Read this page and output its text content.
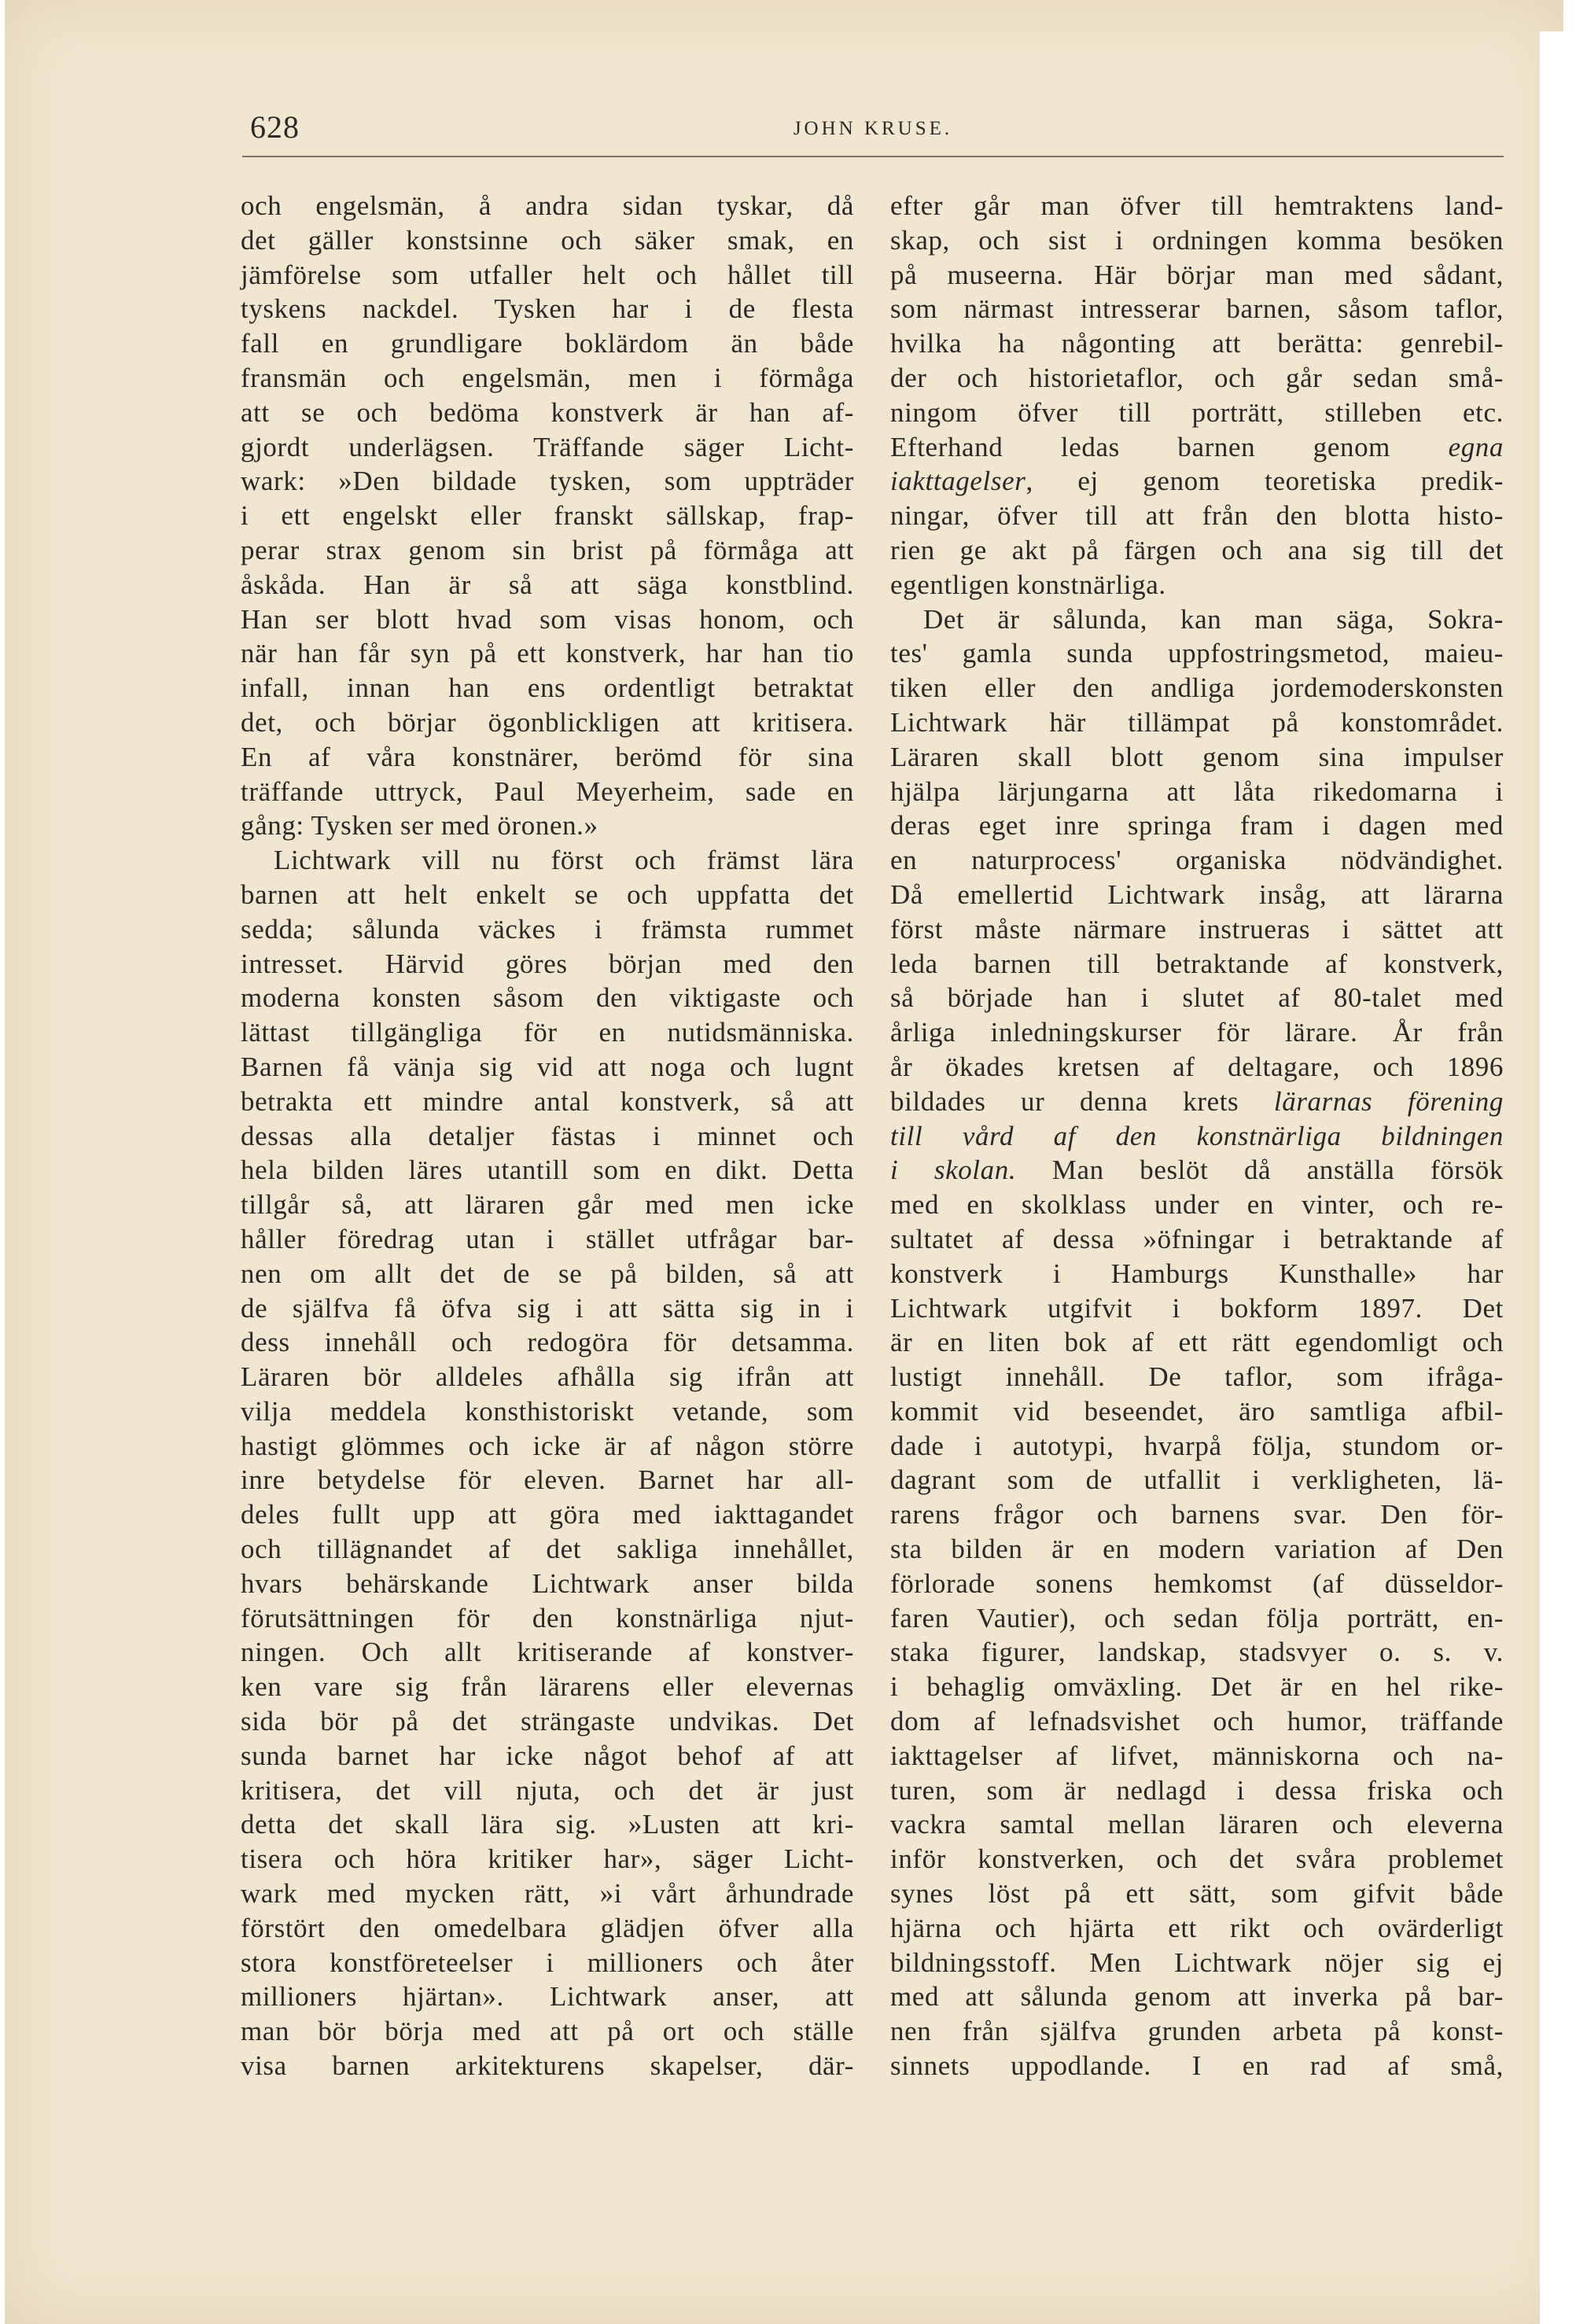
628	JOHN KRUSE.
och engelsmän, å andra sidan tyskar, då
det gäller konstsinne och säker smak, en
jämförelse som utfaller helt och hållet till
tyskens nackdel. Tysken har i de flesta
fall en grundligare boklärdom än både
fransmän och engelsmän, men i förmåga
att se och bedöma konstverk är han af-
gjordt underlägsen. Träffande säger Licht-
wark: »Den bildade tysken, som uppträder
i ett engelskt eller franskt sällskap, frap-
perar strax genom sin brist på förmåga att
åskåda. Han är så att säga konstblind.
Han ser blott hvad som visas honom, och
när han får syn på ett konstverk, har han tio
infall, innan han ens ordentligt betraktat
det, och börjar ögonblickligen att kritisera.
En af våra konstnärer, berömd för sina
träffande uttryck, Paul Meyerheim, sade en
gång: Tysken ser med öronen.»
Lichtwark vill nu först och främst lära
barnen att helt enkelt se och uppfatta det
sedda; sålunda väckes i främsta rummet
intresset. Härvid göres början med den
moderna konsten såsom den viktigaste och
lättast tillgängliga för en nutidsmänniska.
Barnen få vänja sig vid att noga och lugnt
betrakta ett mindre antal konstverk, så att
dessas alla detaljer fästas i minnet och
hela bilden läres utantill som en dikt. Detta
tillgår så, att läraren går med men icke
håller föredrag utan i stället utfrågar bar-
nen om allt det de se på bilden, så att
de själfva få öfva sig i att sätta sig in i
dess innehåll och redogöra för detsamma.
Läraren bör alldeles afhålla sig ifrån att
vilja meddela konsthistoriskt vetande, som
hastigt glömmes och icke är af någon större
inre betydelse för eleven. Barnet har all-
deles fullt upp att göra med iakttagandet
och tillägnandet af det sakliga innehållet,
hvars behärskande Lichtwark anser bilda
förutsättningen för den konstnärliga njut-
ningen. Och allt kritiserande af konstver-
ken vare sig från lärarens eller elevernas
sida bör på det strängaste undvikas. Det
sunda barnet har icke något behof af att
kritisera, det vill njuta, och det är just
detta det skall lära sig. »Lusten att kri-
tisera och höra kritiker har», säger Licht-
wark med mycken rätt, »i vårt århundrade
förstört den omedelbara glädjen öfver alla
stora konstföreteelser i millioners och åter
millioners hjärtan». Lichtwark anser, att
man bör börja med att på ort och ställe
visa barnen arkitekturens skapelser, där-
efter går man öfver till hemtraktens land-
skap, och sist i ordningen komma besöken
på museerna. Här börjar man med sådant,
som närmast intresserar barnen, såsom taflor,
hvilka ha någonting att berätta: genrebil-
der och historietaflor, och går sedan små-
ningom öfver till porträtt, stilleben etc.
Efterhand ledas barnen genom egna
iakttagelser, ej genom teoretiska predik-
ningar, öfver till att från den blotta histo-
rien ge akt på färgen och ana sig till det
egentligen konstnärliga.
Det är sålunda, kan man säga, Sokra-
tes' gamla sunda uppfostringsmetod, maieu-
tiken eller den andliga jordemoderskonsten
Lichtwark här tillämpat på konstområdet.
Läraren skall blott genom sina impulser
hjälpa lärjungarna att låta rikedomarna i
deras eget inre springa fram i dagen med
en naturprocess' organiska nödvändighet.
Då emellertid Lichtwark insåg, att lärarna
först måste närmare instrueras i sättet att
leda barnen till betraktande af konstverk,
så började han i slutet af 80-talet med
årliga inledningskurser för lärare. År från
år ökades kretsen af deltagare, och 1896
bildades ur denna krets lärarnas förening
till vård af den konstnärliga bildningen
i skolan. Man beslöt då anställa försök
med en skolklass under en vinter, och re-
sultatet af dessa »öfningar i betraktande af
konstverk i Hamburgs Kunsthalle» har
Lichtwark utgifvit i bokform 1897. Det
är en liten bok af ett rätt egendomligt och
lustigt innehåll. De taflor, som ifråga-
kommit vid beseendet, äro samtliga afbil-
dade i autotypi, hvarpå följa, stundom or-
dagrant som de utfallit i verkligheten, lä-
rarens frågor och barnens svar. Den för-
sta bilden är en modern variation af Den
förlorade sonens hemkomst (af düsseldor-
faren Vautier), och sedan följa porträtt, en-
staka figurer, landskap, stadsvyer o. s. v.
i behaglig omväxling. Det är en hel rike-
dom af lefnadsvishet och humor, träffande
iakttagelser af lifvet, människorna och na-
turen, som är nedlagd i dessa friska och
vackra samtal mellan läraren och eleverna
inför konstverken, och det svåra problemet
synes löst på ett sätt, som gifvit både
hjärna och hjärta ett rikt och ovärderligt
bildningsstoff. Men Lichtwark nöjer sig ej
med att sålunda genom att inverka på bar-
nen från själfva grunden arbeta på konst-
sinnets uppodlande. I en rad af små,
